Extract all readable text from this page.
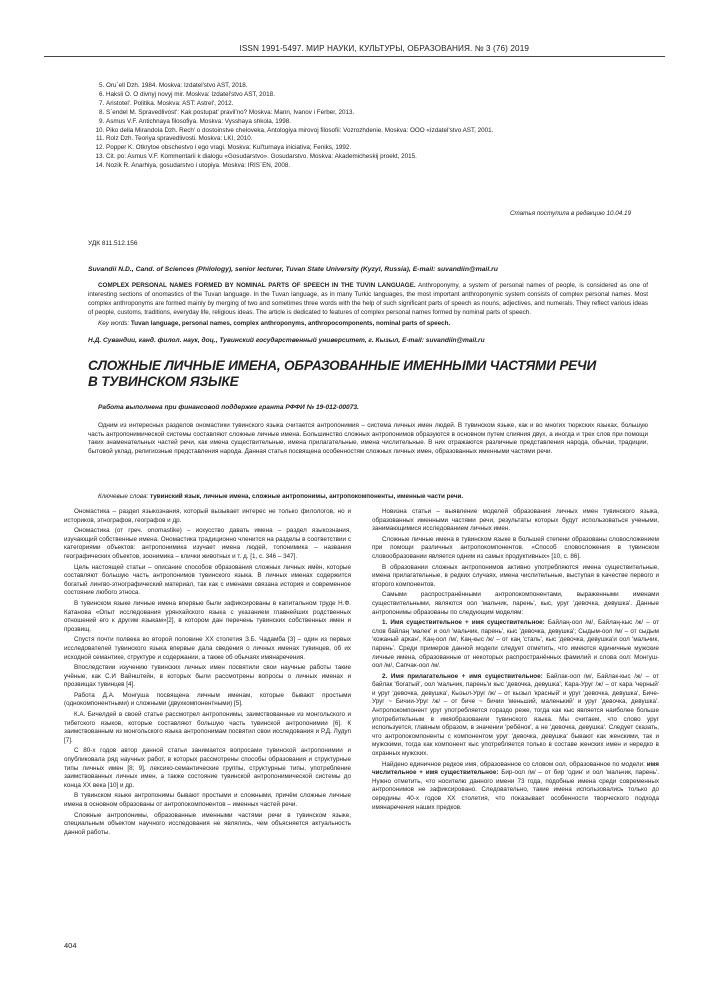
ISSN 1991-5497. МИР НАУКИ, КУЛЬТУРЫ, ОБРАЗОВАНИЯ. № 3 (76) 2019
5. Oru`ell Dzh. 1984. Moskva: Izdatel'stvo AST, 2018.
6. Haksli O. O divnyj novyj mir. Moskva: Izdatel'stvo AST, 2018.
7. Aristotel'. Politika. Moskva: AST: Astrel', 2012.
8. S`endel M. Spravedlivost': Kak postupat' pravil'no? Moskva: Mann, Ivanov i Ferber, 2013.
9. Asmus V.F. Antichnaya filosofiya. Moskva: Vysshaya shkola, 1998.
10. Piko della Mirandola Dzh. Rech' o dostoinstve cheloveka. Antologiya mirovoj filosofii: Vozrozhdenie. Moskva: OOO «Izdatel'stvo AST, 2001.
11. Rolz Dzh. Teoriya spravedlivosti. Moskva: LKI, 2010.
12. Popper K. Otkrytoe obschestvo i ego vragi. Moskva: Kul'turnaya iniciativa; Feniks, 1992.
13. Cit. po: Asmus V.F. Kommentarii k dialogu «Gosudarstvo». Gosudarstvo. Moskva: Akademicheskij proekt, 2015.
14. Nozik R. Anarhiya, gosudarstvo i utopiya. Moskva: IRIS`EN, 2008.
Статья поступила в редакцию 10.04.19
УДК 811.512.156
Suvandii N.D., Cand. of Sciences (Philology), senior lecturer, Tuvan State University (Kyzyl, Russia), E-mail: suvandiin@mail.ru
COMPLEX PERSONAL NAMES FORMED BY NOMINAL PARTS OF SPEECH IN THE TUVIN LANGUAGE. Anthroponymy, a system of personal names of people, is considered as one of interesting sections of onomastics of the Tuvan language. In the Tuvan language, as in many Turkic languages, the most important anthroponymic system consists of complex personal names. Most complex anthroponyms are formed mainly by merging of two and sometimes three words with the help of such significant parts of speech as nouns, adjectives, and numerals. They reflect various ideas of people, customs, traditions, everyday life, religious ideas. The article is dedicated to features of complex personal names formed by nominal parts of speech.
Key words: Tuvan language, personal names, complex anthroponyms, anthropocomponents, nominal parts of speech.
Н.Д. Сувандии, канд. филол. наук, доц., Тувинский государственный университет, г. Кызыл, E-mail: suvandiin@mail.ru
СЛОЖНЫЕ ЛИЧНЫЕ ИМЕНА, ОБРАЗОВАННЫЕ ИМЕННЫМИ ЧАСТЯМИ РЕЧИ В ТУВИНСКОМ ЯЗЫКЕ
Работа выполнена при финансовой поддержке гранта РФФИ № 19-012-00073.
Одним из интересных разделов ономастики тувинского языка считается антропонимия – система личных имен людей. В тувинском языке, как и во многих тюркских языках, большую часть антропонимической системы составляют сложные личные имена. Большинство сложных антропонимов образуются в основном путем слияния двух, а иногда и трех слов при помощи таких знаменательных частей речи, как имена существительные, имена прилагательные, имена числительные. В них отражаются различные представления народа, обычаи, традиции, бытовой уклад, религиозные представления народа. Данная статья посвящена особенностям сложных личных имен, образованных именными частями речи.
Ключевые слова: тувинский язык, личные имена, сложные антропонимы, антропокомпоненты, именные части речи.

Ономастика – раздел языкознания, который вызывает интерес не только филологов, но и историков, этнографов, географов и др.

Ономастика (от греч. onomastike) – искусство давать имена – раздел языкознания, изучающий собственные имена. Ономастика традиционно членится на разделы в соответствии с категориями объектов: антропонимика изучает имена людей, топонимика – названия географических объектов, зоонимика – клички животных и т. д. [1, с. 346 – 347].

Цель настоящей статьи – описание способов образования сложных личных имён, которые составляют большую часть антропонимов тувинского языка. В личных именах содержится богатый лингво-этнографический материал, так как с именами связана история и современное состояние любого этноса.

В тувинском языке личные имена впервые были зафиксированы в капитальном труде Н.Ф. Катанова «Опыт исследования урянхайского языка с указанием главнейших родственных отношений его к другим языкам»[2], в котором дан перечень тувинских собственных имен и прозвищ.

Спустя почти полвека во второй половине XX столетия З.Б. Чадамба [3] – один из первых исследователей тувинского языка впервые дала сведения о личных именах тувинцев, об их исходной семантике, структуре и содержании, а также об обычаях имянаречения.

Впоследствии изучению тувинских личных имен посвятили свои научные работы такие учёные, как С.И Вайнштейн, в которых были рассмотрены вопросы о личных именах и прозвищах тувинцев [4].

Работа Д.А. Монгуша посвящена личным именам, которые бывают простыми (однокомпонентными) и сложными (двухкомпонентными) [5].

К.А. Бичелдей в своей статье рассмотрел антропонимы, заимствованные из монгольского и тибетского языков, которые составляют большую часть тувинской антропонимии [6]. К заимствованным из монгольского языка антропонимам посвятил свои исследования и Р.Д. Лудуп [7].

С 80-х годов автор данной статьи занимается вопросами тувинской антропонимии и опубликовала ряд научных работ, в которых рассмотрены способы образования и структурные типы личных имен [8; 9], лексико-семантические группы, структурные типы, употребление заимствованных личных имен, а также состояние тувинской антропонимической системы до конца XX века [10] и др.

В тувинском языке антропонимы бывают простыми и сложными, причём сложные личные имена в основном образованы от антропокомпонентов – именных частей речи.

Сложные антропонимы, образованные именными частями речи в тувинском языке, специальным объектом научного исследования не являлись, чем объясняется актуальность данной работы.

Новизна статьи – выявление моделей образования личных имен тувинского языка, образованных именными частями речи, результаты которых будут использоваться учеными, занимающимися исследованием личных имен.

Сложные личные имена в тувинском языке в большей степени образованы словосложением при помощи различных антропокомпонентов. «Способ словосложения в тувинском словообразовании является одним из самых продуктивных» [10, с. 86].

В образовании сложных антропонимов активно употребляются имена существительные, имена прилагательные, в редких случаях, имена числительные, выступая в качестве первого и второго компонентов.

Самыми распространёнными антропокомпонентами, выраженными именами существительными, являются оол 'мальчик, парень', кыс, уруг 'девочка, девушка'. Данные антропонимы образованы по следующим моделям:

1. Имя существительное + имя существительное: Байлаң-оол /м/, Байлаң-кыс /ж/ – от слов байлаң 'малек' и оол 'мальчик, парень', кыс 'девочка, девушка'; Сыдым-оол /м/ – от сыдым 'кожаный аркан', Каң-оол /м/, Каң-кыс /ж/ – от каң 'сталь', кыс 'девочка, девушка'и оол 'мальчик, парень'. Среди примеров данной модели следует отметить, что имеются единичные мужские личные имена, образованные от некоторых распространённых фамилий и слова оол: Монгуш-оол /м/, Сапчак-оол /м/.

2. Имя прилагательное + имя существительное: Байлак-оол /м/, Байлак-кыс /ж/ – от байлак 'богатый', оол 'мальчик, парень'и кыс 'девочка, девушка', Кара-Уруг /ж/ – от кара 'черный' и уруг 'девочка, девушка', Кызыл-Уруг /ж/ – от кызыл 'красный' и уруг 'девочка, девушка', Биче-Уруг ~ Бичии-Уруг /ж/ – от биче ~ бичии 'меньший, маленький' и уруг 'девочка, девушка'. Антропокомпонент уруг употребляется гораздо реже, тогда как кыс является наиболее больше употребительным в имяобразовании тувинского языка. Мы считаем, что слово уруг используется, главным образом, в значении 'ребёнок', а не 'девочка, девушка'. Следует сказать, что антропокомпоненты с компонентом уруг 'девочка, девушка' бывают как женскими, так и мужскими, тогда как компонент кыс употребляется только в составе женских имен и нередко в охранных мужских.

Найдено единичное редкое имя, образованное со словом оол, образованное по модели: имя числительное + имя существительное: Бир-оол /м/ – от бир 'один' и оол 'мальчик, парень'. Нужно отметить, что носителю данного имени 73 года, подобные имена среди современных антропонимов не зафиксировано. Следовательно, такие имена использовались только до середины 40-х годов XX столетия, что показывает особенности творческого подхода имянаречения наших предков.

404
